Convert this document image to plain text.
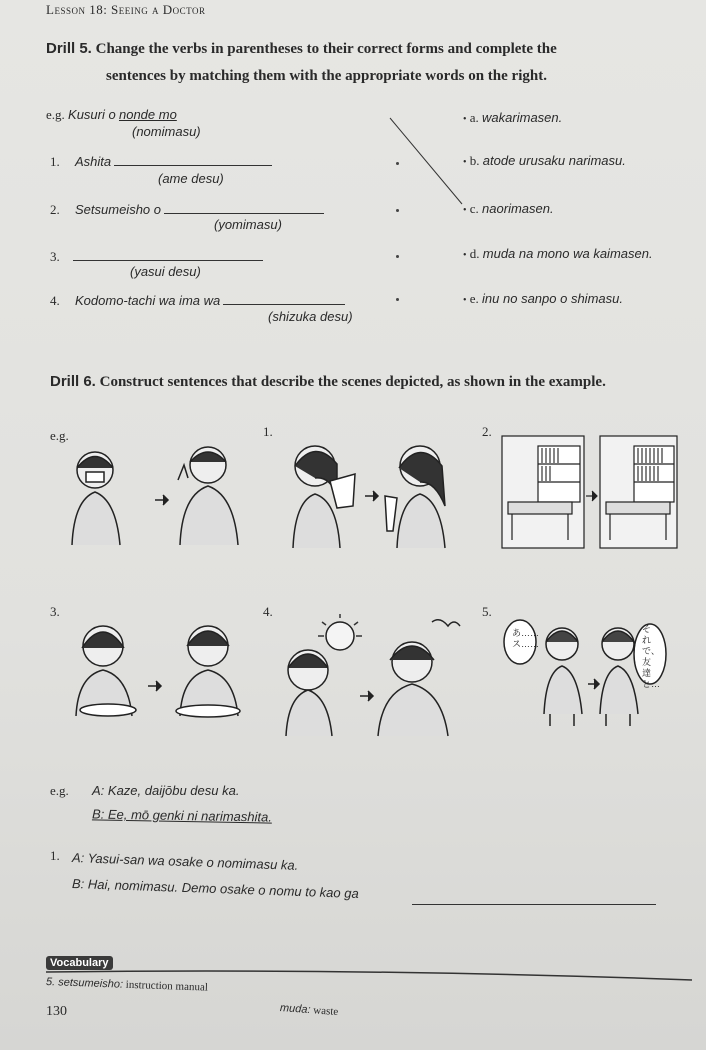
Lesson 18: Seeing a Doctor
Drill 5. Change the verbs in parentheses to their correct forms and complete the
sentences by matching them with the appropriate words on the right.
e.g. Kusuri o nonde mo
(nomimasu)
1. Ashita
(ame desu)
2. Setsumeisho o
(yomimasu)
3.
(yasui desu)
4. Kodomo-tachi wa ima wa
(shizuka desu)
• a. wakarimasen.
• b. atode urusaku narimasu.
• c. naorimasen.
• d. muda na mono wa kaimasen.
• e. inu no sanpo o shimasu.
Drill 6. Construct sentences that describe the scenes depicted, as shown in the example.
e.g.	1.	2.
3.	4.	5.
あ……ス……
それで、友達と…
e.g. A: Kaze, daijōbu desu ka.
B: Ee, mō genki ni narimashita.
1. A: Yasui-san wa osake o nomimasu ka.
B: Hai, nomimasu. Demo osake o nomu to kao ga
Vocabulary
5. setsumeisho: instruction manual
muda: waste
130
